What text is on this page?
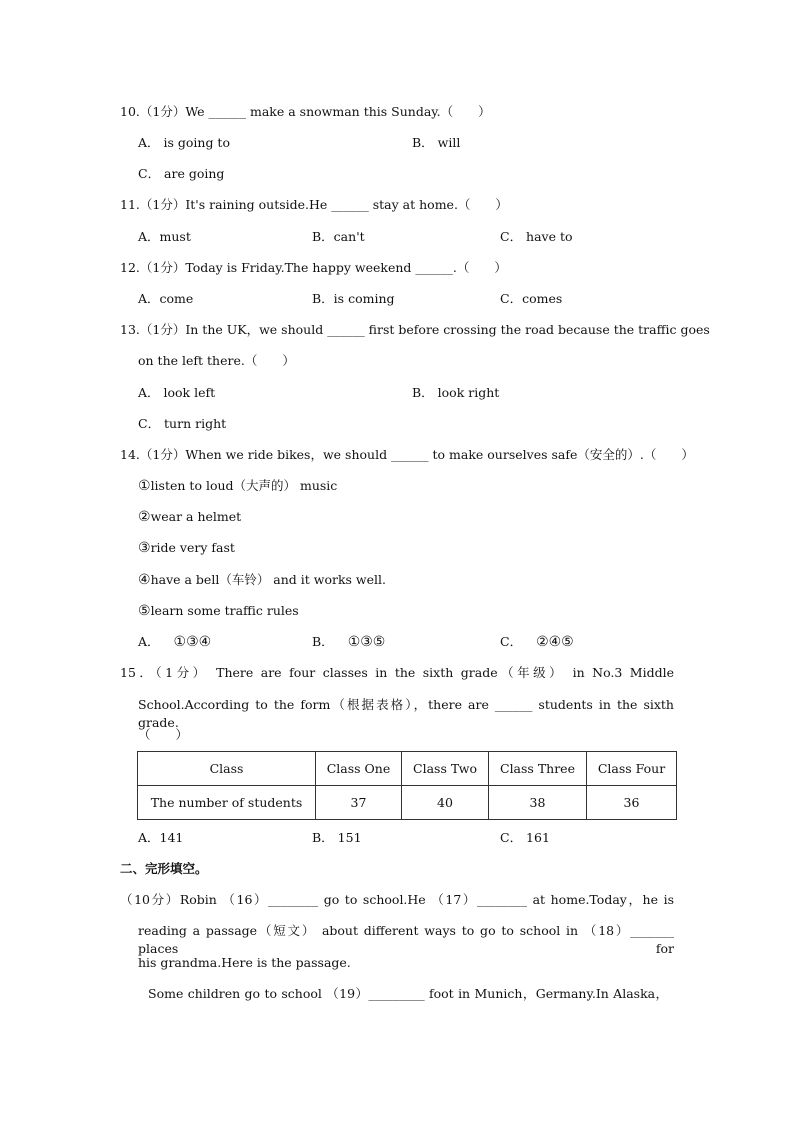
10.（1分）We ______ make a snowman this Sunday.（　　）
A． is going to	B． will
C． are going
11.（1分）It's raining outside.He ______ stay at home.（　　）
A．must	B．can't	C． have to
12.（1分）Today is Friday.The happy weekend ______.（　　）
A．come	B．is coming	C．comes
13.（1分）In the UK，we should ______ first before crossing the road because the traffic goes
on the left there.（　　）
A． look left	B． look right
C． turn right
14.（1分）When we ride bikes，we should ______ to make ourselves safe（安全的）.（　　）
①listen to loud（大声的） music
②wear a helmet
③ride very fast
④have a bell（车铃） and it works well.
⑤learn some traffic rules
A． ①③④	B． ①③⑤	C． ②④⑤
15．（1分） There are four classes in the sixth grade（年级） in No.3 Middle
School.According to the form（根据表格），there are ______ students in the sixth grade.
（　　）
Class	Class One	Class Two	Class Three	Class Four
The number of students	37	40	38	36
A．141	B． 151	C． 161
二、完形填空。
（10分）Robin （16）________ go to school.He （17）________ at home.Today，he is
reading a passage（短文） about different ways to go to school in （18）_______ places for
his grandma.Here is the passage.
Some children go to school （19）_________ foot in Munich，Germany.In Alaska，
